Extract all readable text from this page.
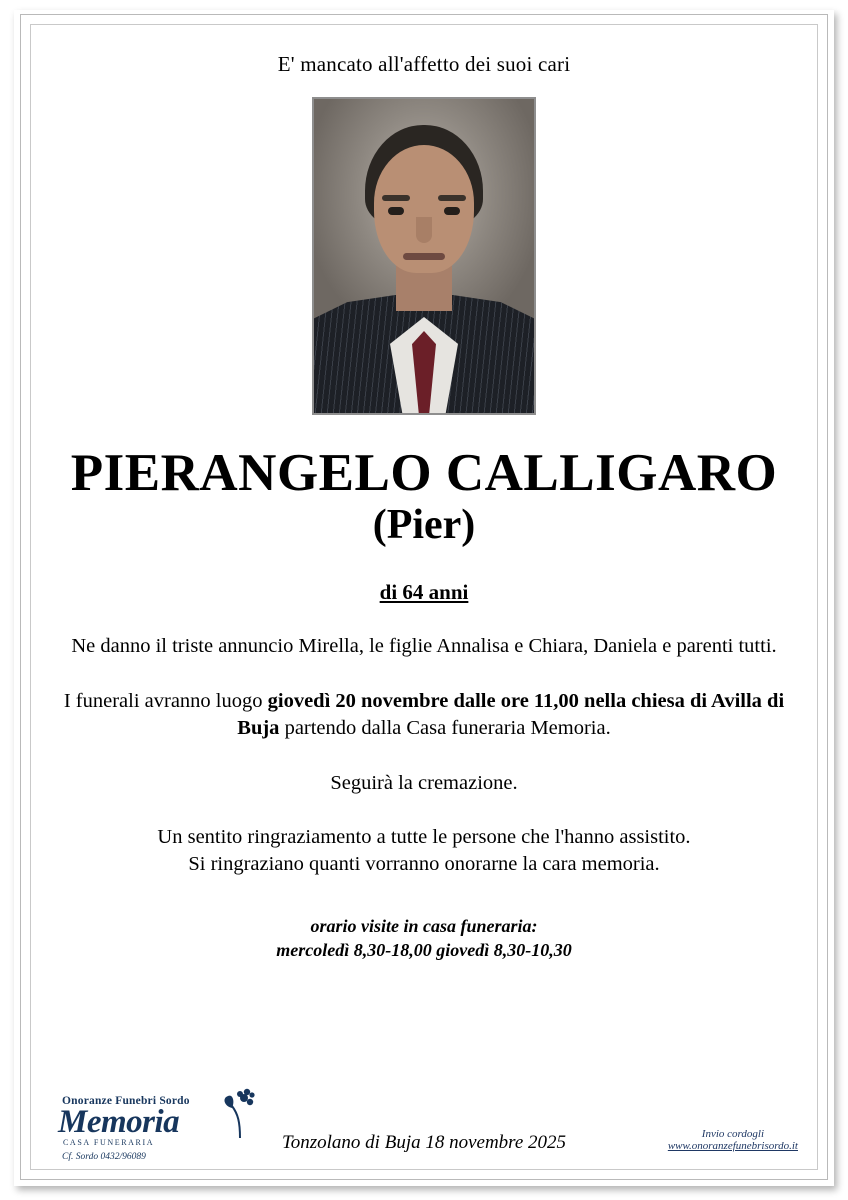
E' mancato all'affetto dei suoi cari
PIERANGELO CALLIGARO
(Pier)
di 64 anni
Ne danno il triste annuncio Mirella, le figlie Annalisa e Chiara, Daniela e parenti tutti.
I funerali avranno luogo giovedì 20 novembre dalle ore 11,00 nella chiesa di Avilla di Buja partendo dalla Casa funeraria Memoria.
Seguirà la cremazione.
Un sentito ringraziamento a tutte le persone che l'hanno assistito.
Si ringraziano quanti vorranno onorarne la cara memoria.
orario visite in casa funeraria:
mercoledì 8,30-18,00 giovedì 8,30-10,30
Onoranze Funebri Sordo
Memoria
CASA FUNERARIA
Cf. Sordo 0432/96089
Tonzolano di Buja 18 novembre 2025	Invio cordogli
www.onoranzefunebrisordo.it
